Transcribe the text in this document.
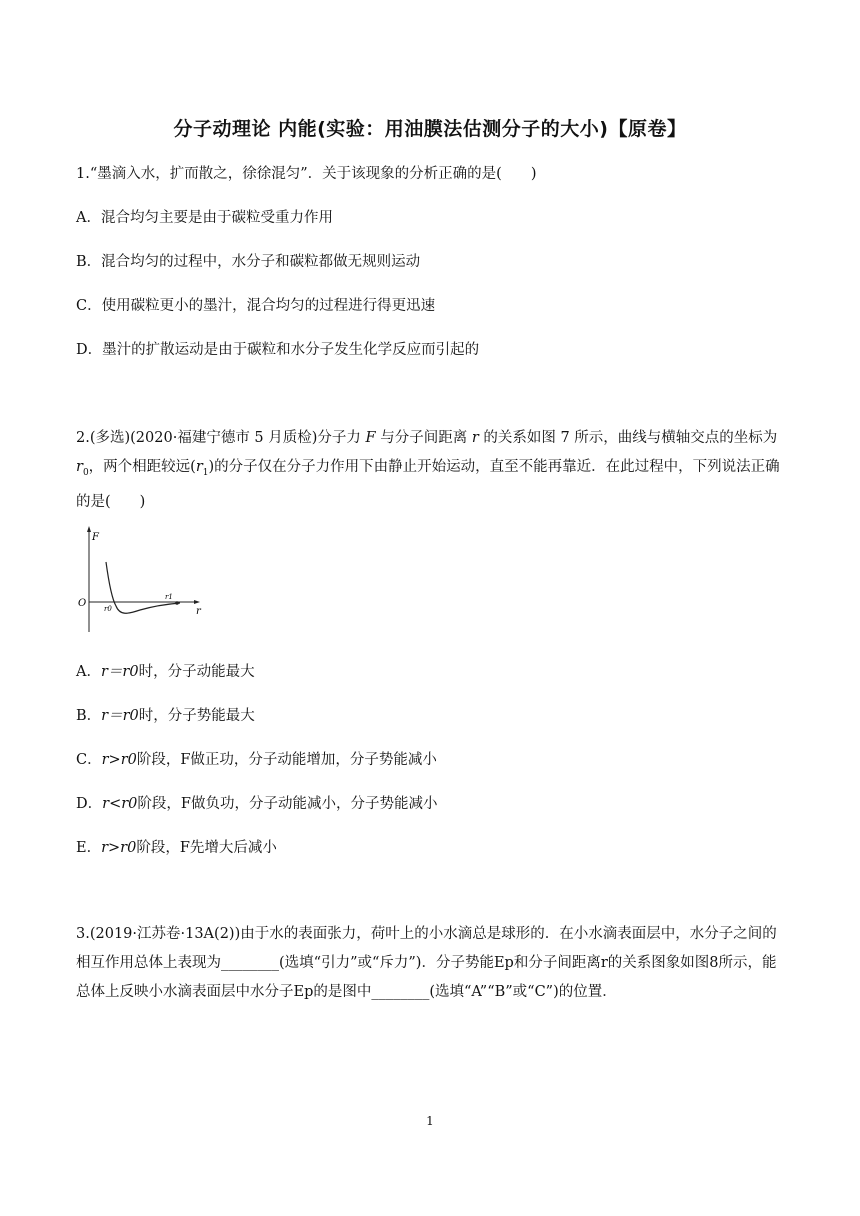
分子动理论 内能(实验：用油膜法估测分子的大小)【原卷】
1.“墨滴入水，扩而散之，徐徐混匀”．关于该现象的分析正确的是(　　)
A．混合均匀主要是由于碳粒受重力作用
B．混合均匀的过程中，水分子和碳粒都做无规则运动
C．使用碳粒更小的墨汁，混合均匀的过程进行得更迅速
D．墨汁的扩散运动是由于碳粒和水分子发生化学反应而引起的
2.(多选)(2020·福建宁德市 5 月质检)分子力 F 与分子间距离 r 的关系如图 7 所示，曲线与横轴交点的坐标为 $r_0$，两个相距较远$(r_1)$的分子仅在分子力作用下由静止开始运动，直至不能再靠近．在此过程中，下列说法正确的是(　　)
F
r
O	r0
r1
A．r＝r0时，分子动能最大
B．r＝r0时，分子势能最大
C．r>r0阶段，F做正功，分子动能增加，分子势能减小
D．r<r0阶段，F做负功，分子动能减小，分子势能减小
E．r>r0阶段，F先增大后减小
3.(2019·江苏卷·13A(2))由于水的表面张力，荷叶上的小水滴总是球形的．在小水滴表面层中，水分子之间的相互作用总体上表现为________(选填“引力”或“斥力”)．分子势能Ep和分子间距离r的关系图象如图8所示，能总体上反映小水滴表面层中水分子Ep的是图中________(选填“A”“B”或“C”)的位置．
1
